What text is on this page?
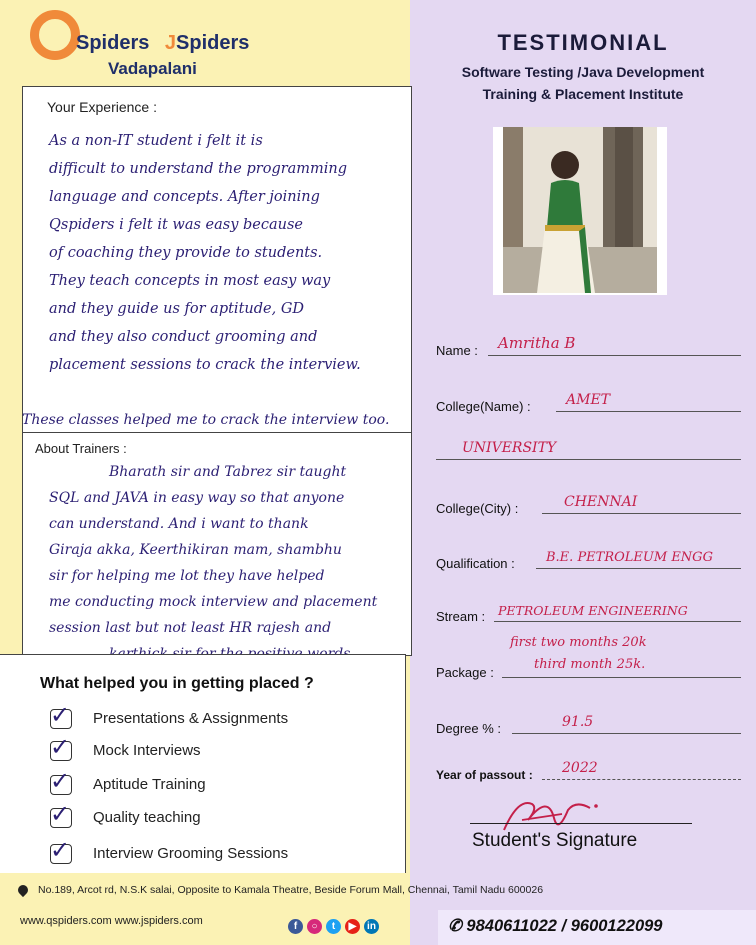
Spiders JSpiders
Vadapalani
Your Experience :
As a non-IT student i felt it is
difficult to understand the programming
language and concepts. After joining
Qspiders i felt it was easy because
of coaching they provide to students.
They teach concepts in most easy way
and they guide us for aptitude, GD
and they also conduct grooming and
placement sessions to crack the interview.
These classes helped me to crack the interview too.
About Trainers :
Bharath sir and Tabrez sir taught
SQL and JAVA in easy way so that anyone
can understand. And i want to thank
Giraja akka, Keerthikiran mam, shambhu
sir for helping me lot they have helped
me conducting mock interview and placement
session last but not least HR rajesh and
What helped you in getting placed ?
✓ Presentations & Assignments
✓ Mock Interviews
✓ Aptitude Training
✓ Quality teaching
✓ Interview Grooming Sessions
No.189, Arcot rd, N.S.K salai, Opposite to Kamala Theatre, Beside Forum Mall, Chennai, Tamil Nadu 600026
www.qspiders.com www.jspiders.com	f ○ t ▶ in	✆ 9840611022 / 9600122099
TESTIMONIAL
Software Testing /Java Development
Training & Placement Institute
Name : Amritha B
College(Name) :	AMET
UNIVERSITY
College(City) :	CHENNAI
Qualification : B.E. PETROLEUM ENGG
Stream : PETROLEUM ENGINEERING
Package :
first two months 20k
third month 25k.
Degree % :	91.5
Year of passout : 2022
Student's Signature
